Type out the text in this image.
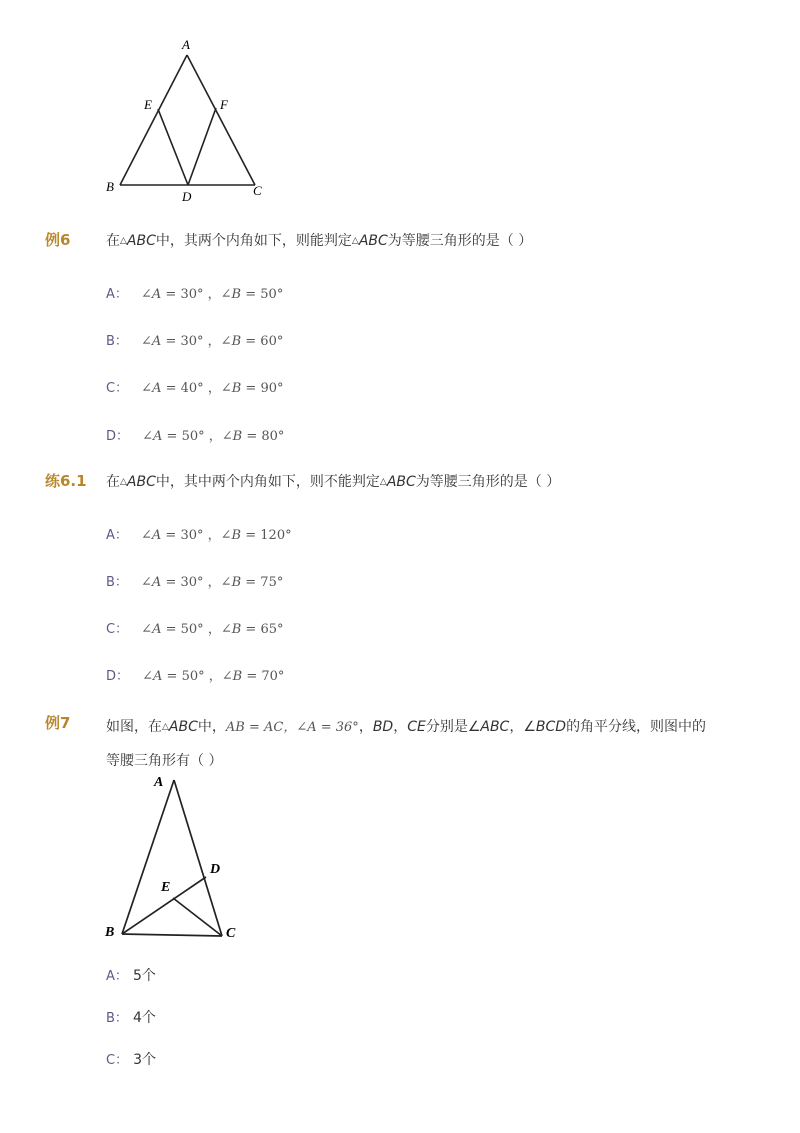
A
E	F
B
D	C
例6	在△ABC中，其两个内角如下，则能判定△ABC为等腰三角形的是（ ）
A： ∠A = 30° ，∠B = 50°
B： ∠A = 30° ，∠B = 60°
C： ∠A = 40° ，∠B = 90°
D： ∠A = 50° ，∠B = 80°
练6.1 在△ABC中，其中两个内角如下，则不能判定△ABC为等腰三角形的是（ ）
A： ∠A = 30° ，∠B = 120°
B： ∠A = 30° ，∠B = 75°
C： ∠A = 50° ，∠B = 65°
D： ∠A = 50° ，∠B = 70°
例7	如图，在△ABC中，AB = AC，∠A = 36°，BD，CE分别是∠ABC，∠BCD的角平分线，则图中的
等腰三角形有（ ）
A
D
E
B	C
A： 5个
B： 4个
C： 3个
